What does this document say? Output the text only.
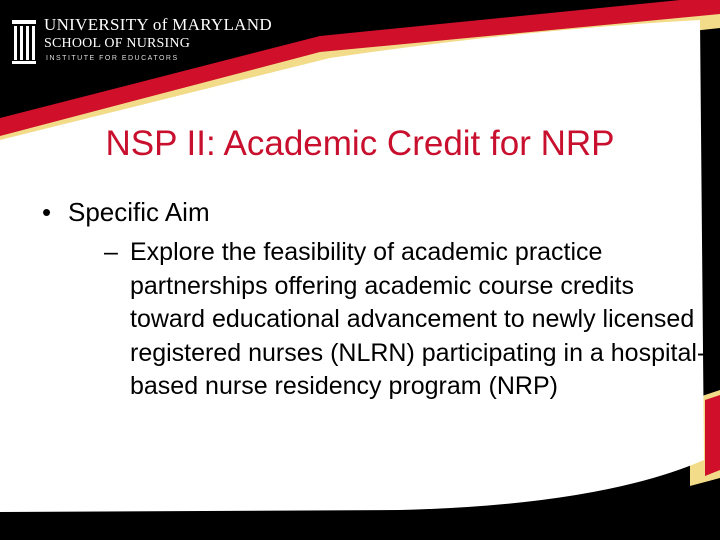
UNIVERSITY of MARYLAND
SCHOOL OF NURSING
INSTITUTE FOR EDUCATORS
NSP II: Academic Credit for NRP
• Specific Aim
– Explore the feasibility of academic practice partnerships offering academic course credits toward educational advancement to newly licensed registered nurses (NLRN) participating in a hospital-based nurse residency program (NRP)
